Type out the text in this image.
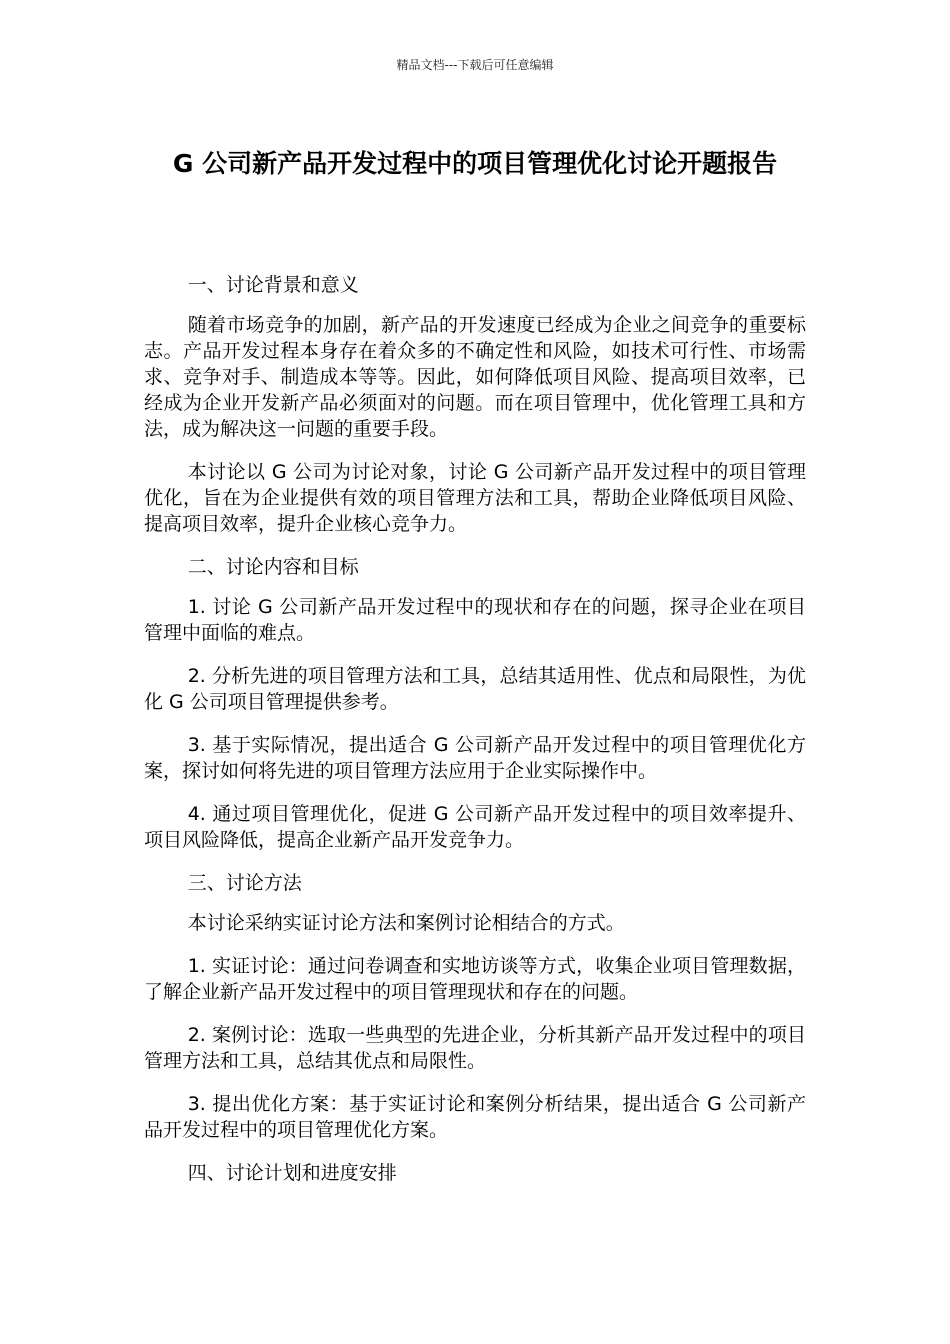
精品文档---下载后可任意编辑
G 公司新产品开发过程中的项目管理优化讨论开题报告

一、讨论背景和意义

随着市场竞争的加剧，新产品的开发速度已经成为企业之间竞争的重要标志。产品开发过程本身存在着众多的不确定性和风险，如技术可行性、市场需求、竞争对手、制造成本等等。因此，如何降低项目风险、提高项目效率，已经成为企业开发新产品必须面对的问题。而在项目管理中，优化管理工具和方法，成为解决这一问题的重要手段。

本讨论以 G 公司为讨论对象，讨论 G 公司新产品开发过程中的项目管理优化，旨在为企业提供有效的项目管理方法和工具，帮助企业降低项目风险、提高项目效率，提升企业核心竞争力。

二、讨论内容和目标

1. 讨论 G 公司新产品开发过程中的现状和存在的问题，探寻企业在项目管理中面临的难点。

2. 分析先进的项目管理方法和工具，总结其适用性、优点和局限性，为优化 G 公司项目管理提供参考。

3. 基于实际情况，提出适合 G 公司新产品开发过程中的项目管理优化方案，探讨如何将先进的项目管理方法应用于企业实际操作中。

4. 通过项目管理优化，促进 G 公司新产品开发过程中的项目效率提升、项目风险降低，提高企业新产品开发竞争力。

三、讨论方法

本讨论采纳实证讨论方法和案例讨论相结合的方式。

1. 实证讨论：通过问卷调查和实地访谈等方式，收集企业项目管理数据，了解企业新产品开发过程中的项目管理现状和存在的问题。

2. 案例讨论：选取一些典型的先进企业，分析其新产品开发过程中的项目管理方法和工具，总结其优点和局限性。

3. 提出优化方案：基于实证讨论和案例分析结果，提出适合 G 公司新产品开发过程中的项目管理优化方案。

四、讨论计划和进度安排
